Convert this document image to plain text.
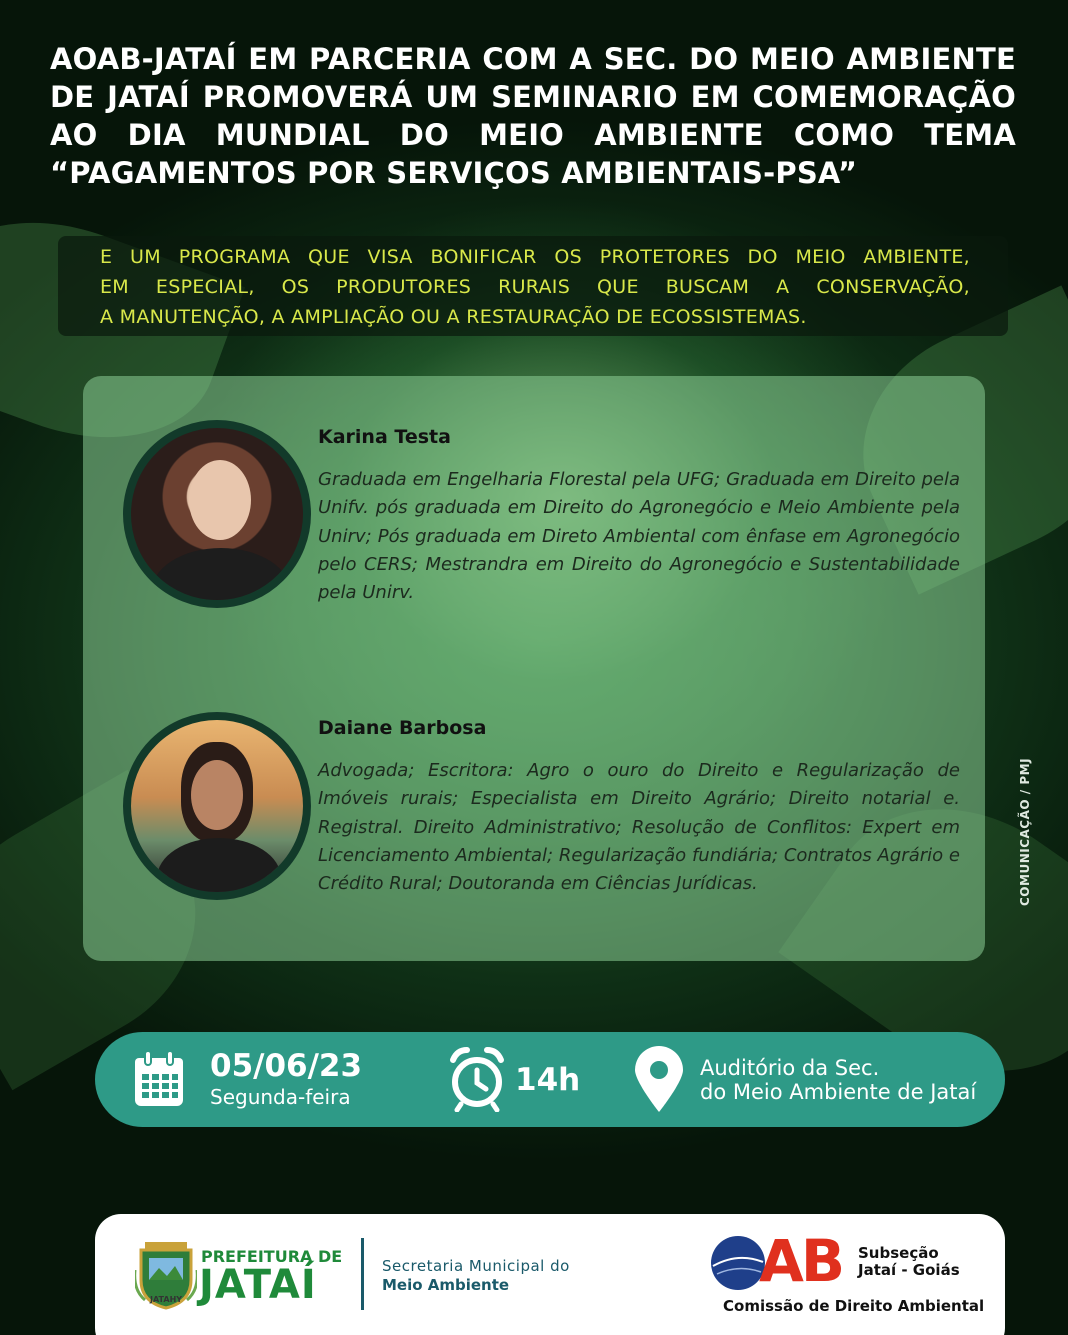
AOAB-JATAÍ EM PARCERIA COM A SEC. DO MEIO AMBIENTE
DE JATAÍ PROMOVERÁ UM SEMINARIO EM COMEMORAÇÃO
AO DIA MUNDIAL DO MEIO AMBIENTE COMO TEMA
“PAGAMENTOS POR SERVIÇOS AMBIENTAIS-PSA”
E UM PROGRAMA QUE VISA BONIFICAR OS PROTETORES DO MEIO AMBIENTE,
EM ESPECIAL, OS PRODUTORES RURAIS QUE BUSCAM A CONSERVAÇÃO,
A MANUTENÇÃO, A AMPLIAÇÃO OU A RESTAURAÇÃO DE ECOSSISTEMAS.
Karina Testa
Graduada em Engelharia Florestal pela UFG; Graduada em Direito pela Unifv. pós graduada em Direito do Agronegócio e Meio Ambiente pela Unirv; Pós graduada em Direto Ambiental com ênfase em Agronegócio pelo CERS; Mestrandra em Direito do Agronegócio e Sustentabilidade pela Unirv.
Daiane Barbosa
Advogada; Escritora: Agro o ouro do Direito e Regularização de Imóveis rurais; Especialista em Direito Agrário; Direito notarial e. Registral. Direito Administrativo; Resolução de Conflitos: Expert em Licenciamento Ambiental; Regularização fundiária; Contratos Agrário e Crédito Rural; Doutoranda em Ciências Jurídicas.	COMUNICAÇÃO / PMJ
05/06/23
Segunda-feira	14h	Auditório da Sec.
do Meio Ambiente de Jataí
JATAHY
PREFEITURA DE
JATAÍ	Secretaria Municipal do
Meio Ambiente	AB Subseção
Jataí - Goiás
Comissão de Direito Ambiental
